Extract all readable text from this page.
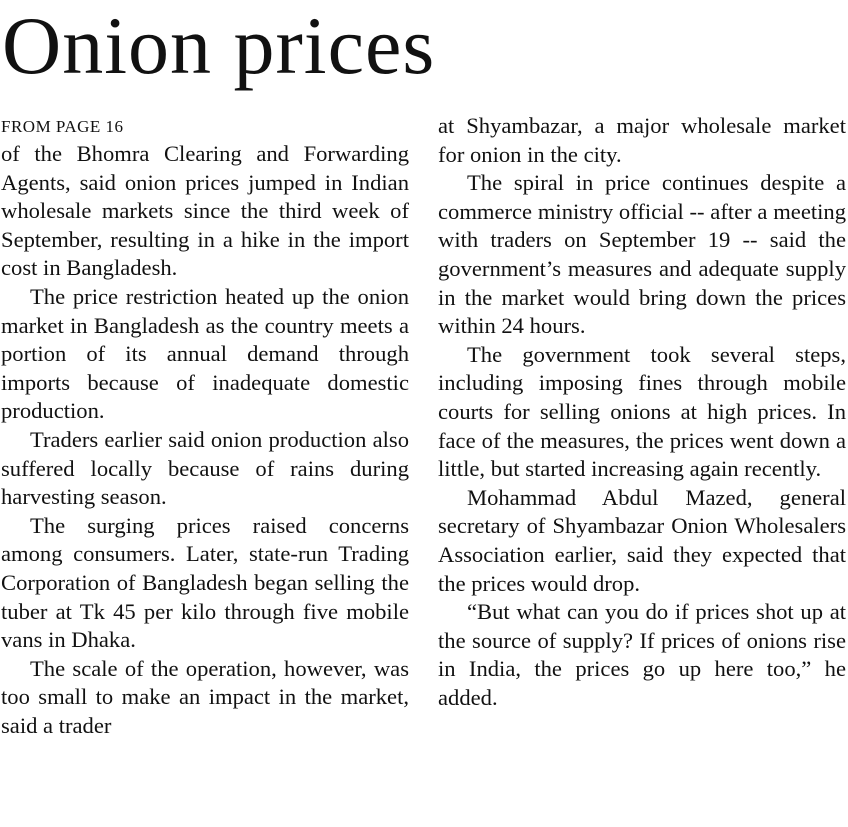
Onion prices
FROM PAGE 16

of the Bhomra Clearing and Forwarding Agents, said onion prices jumped in Indian wholesale markets since the third week of September, resulting in a hike in the import cost in Bangladesh.

The price restriction heated up the onion market in Bangladesh as the country meets a portion of its annual demand through imports because of inadequate domestic production.

Traders earlier said onion production also suffered locally because of rains during harvesting season.

The surging prices raised concerns among consumers. Later, state-run Trading Corporation of Bangladesh began selling the tuber at Tk 45 per kilo through five mobile vans in Dhaka.

The scale of the operation, however, was too small to make an impact in the market, said a trader

at Shyambazar, a major wholesale market for onion in the city.

The spiral in price continues despite a commerce ministry official -- after a meeting with traders on September 19 -- said the government’s measures and adequate supply in the market would bring down the prices within 24 hours.

The government took several steps, including imposing fines through mobile courts for selling onions at high prices. In face of the measures, the prices went down a little, but started increasing again recently.

Mohammad Abdul Mazed, general secretary of Shyambazar Onion Wholesalers Association earlier, said they expected that the prices would drop.

“But what can you do if prices shot up at the source of supply? If prices of onions rise in India, the prices go up here too,” he added.
